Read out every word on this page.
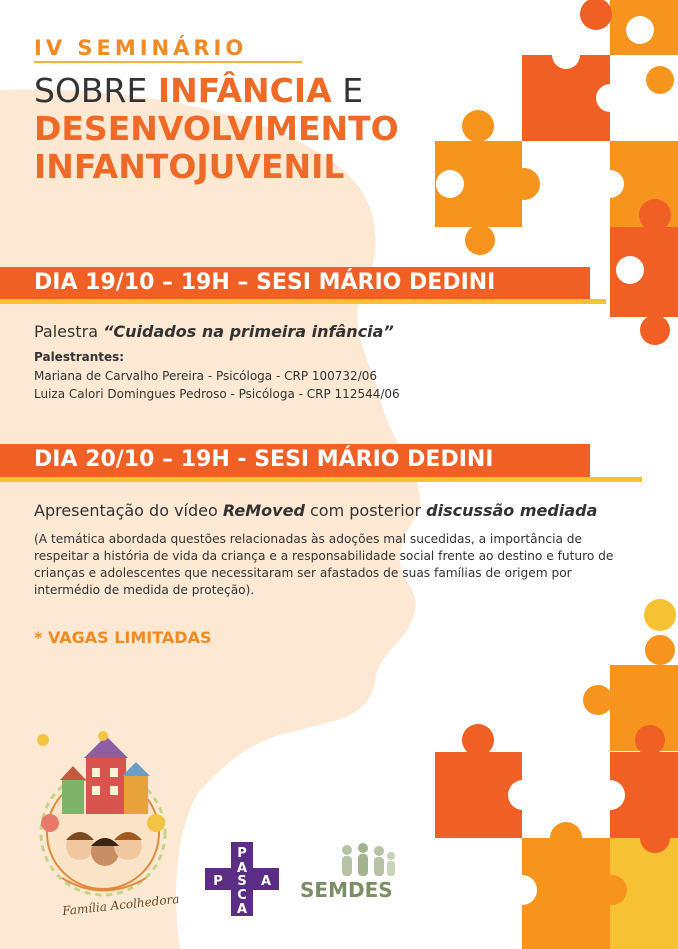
IV SEMINÁRIO
SOBRE INFÂNCIA E
DESENVOLVIMENTO
INFANTOJUVENIL
DIA 19/10 – 19H – SESI MÁRIO DEDINI
Palestra “Cuidados na primeira infância”
Palestrantes:
Mariana de Carvalho Pereira - Psicóloga - CRP 100732/06
Luiza Calori Domingues Pedroso - Psicóloga - CRP 112544/06
DIA 20/10 – 19H - SESI MÁRIO DEDINI
Apresentação do vídeo ReMoved com posterior discussão mediada
(A temática abordada questões relacionadas às adoções mal sucedidas, a importância de respeitar a história de vida da criança e a responsabilidade social frente ao destino e futuro de crianças e adolescentes que necessitaram ser afastados de suas famílias de origem por intermédio de medida de proteção).
* VAGAS LIMITADAS
Família Acolhedora
P
A
S
C
A
P	A SEMDES
